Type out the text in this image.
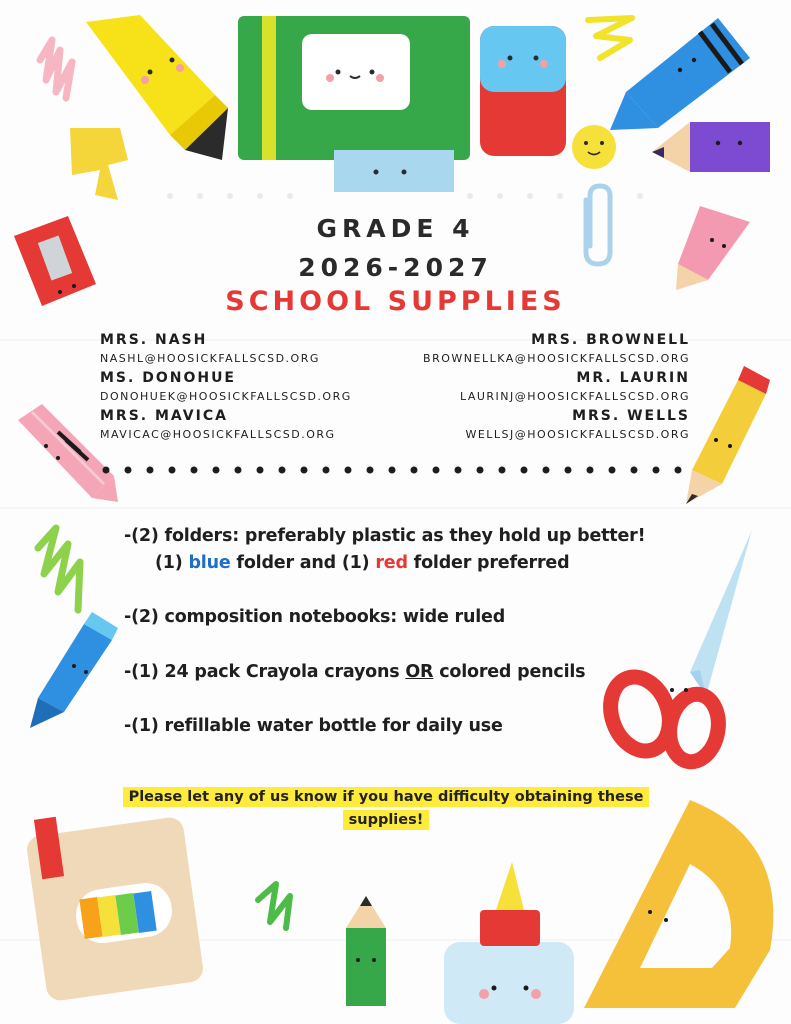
GRADE 4
2026-2027
SCHOOL SUPPLIES
MRS. NASH
NASHL@HOOSICKFALLSCSD.ORG
MS. DONOHUE
DONOHUEK@HOOSICKFALLSCSD.ORG
MRS. MAVICA
MAVICAC@HOOSICKFALLSCSD.ORG
MRS. BROWNELL
BROWNELLKA@HOOSICKFALLSCSD.ORG
MR. LAURIN
LAURINJ@HOOSICKFALLSCSD.ORG
MRS. WELLS
WELLSJ@HOOSICKFALLSCSD.ORG
-(2) folders: preferably plastic as they hold up better!
(1) blue folder and (1) red folder preferred
-(2) composition notebooks: wide ruled
-(1) 24 pack Crayola crayons OR colored pencils
-(1) refillable water bottle for daily use
Please let any of us know if you have difficulty obtaining these supplies!
